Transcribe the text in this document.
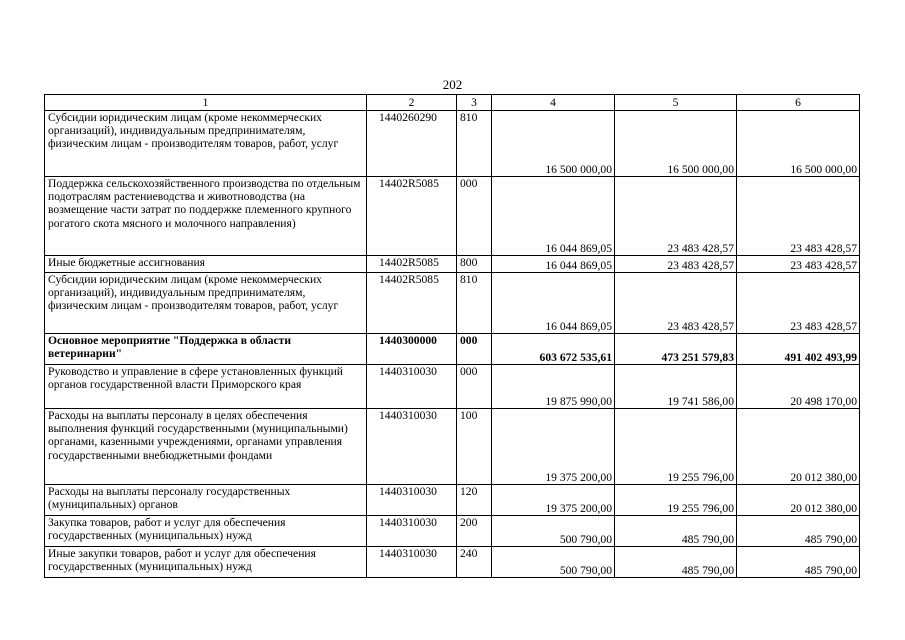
202
1	2	3	4	5	6
Субсидии юридическим лицам (кроме некоммерческих организаций), индивидуальным предпринимателям, физическим лицам - производителям товаров, работ, услуг	1440260290	810	16 500 000,00	16 500 000,00	16 500 000,00
Поддержка сельскохозяйственного производства по отдельным подотраслям растениеводства и животноводства (на возмещение части затрат по поддержке племенного крупного рогатого скота мясного и молочного направления)	14402R5085	000	16 044 869,05	23 483 428,57	23 483 428,57
Иные бюджетные ассигнования	14402R5085	800	16 044 869,05	23 483 428,57	23 483 428,57
Субсидии юридическим лицам (кроме некоммерческих организаций), индивидуальным предпринимателям, физическим лицам - производителям товаров, работ, услуг	14402R5085	810	16 044 869,05	23 483 428,57	23 483 428,57
Основное мероприятие "Поддержка в области ветеринарии"	1440300000	000	603 672 535,61	473 251 579,83	491 402 493,99
Руководство и управление в сфере установленных функций органов государственной власти Приморского края	1440310030	000	19 875 990,00	19 741 586,00	20 498 170,00
Расходы на выплаты персоналу в целях обеспечения выполнения функций государственными (муниципальными) органами, казенными учреждениями, органами управления государственными внебюджетными фондами	1440310030	100	19 375 200,00	19 255 796,00	20 012 380,00
Расходы на выплаты персоналу государственных (муниципальных) органов	1440310030	120	19 375 200,00	19 255 796,00	20 012 380,00
Закупка товаров, работ и услуг для обеспечения государственных (муниципальных) нужд	1440310030	200	500 790,00	485 790,00	485 790,00
Иные закупки товаров, работ и услуг для обеспечения государственных (муниципальных) нужд	1440310030	240	500 790,00	485 790,00	485 790,00
